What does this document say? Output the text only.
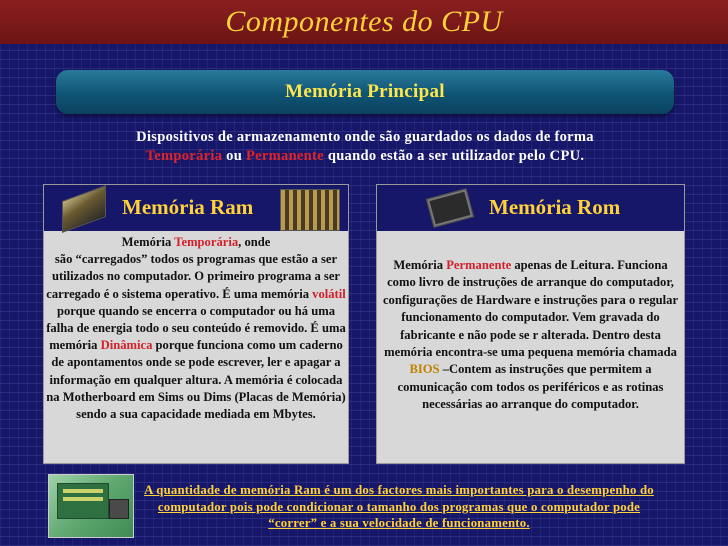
Componentes do CPU
Memória Principal
Dispositivos de armazenamento onde são guardados os dados de forma
Temporária ou Permanente quando estão a ser utilizador pelo CPU.
Memória Ram
Memória Temporária, onde
são “carregados” todos os programas que estão a ser utilizados no computador. O primeiro programa a ser carregado é o sistema operativo. É uma memória volátil porque quando se encerra o computador ou há uma falha de energia todo o seu conteúdo é removido. É uma memória Dinâmica porque funciona como um caderno de apontamentos onde se pode escrever, ler e apagar a informação em qualquer altura. A memória é colocada na Motherboard em Sims ou Dims (Placas de Memória) sendo a sua capacidade mediada em Mbytes.
Memória Rom
Memória Permanente apenas de Leitura. Funciona como livro de instruções de arranque do computador, configurações de Hardware e instruções para o regular funcionamento do computador. Vem gravada do fabricante e não pode se r alterada. Dentro desta memória encontra-se uma pequena memória chamada BIOS –Contem as instruções que permitem a comunicação com todos os periféricos e as rotinas necessárias ao arranque do computador.
A quantidade de memória Ram é um dos factores mais importantes para o desempenho do computador pois pode condicionar o tamanho dos programas que o computador pode “correr” e a sua velocidade de funcionamento.
